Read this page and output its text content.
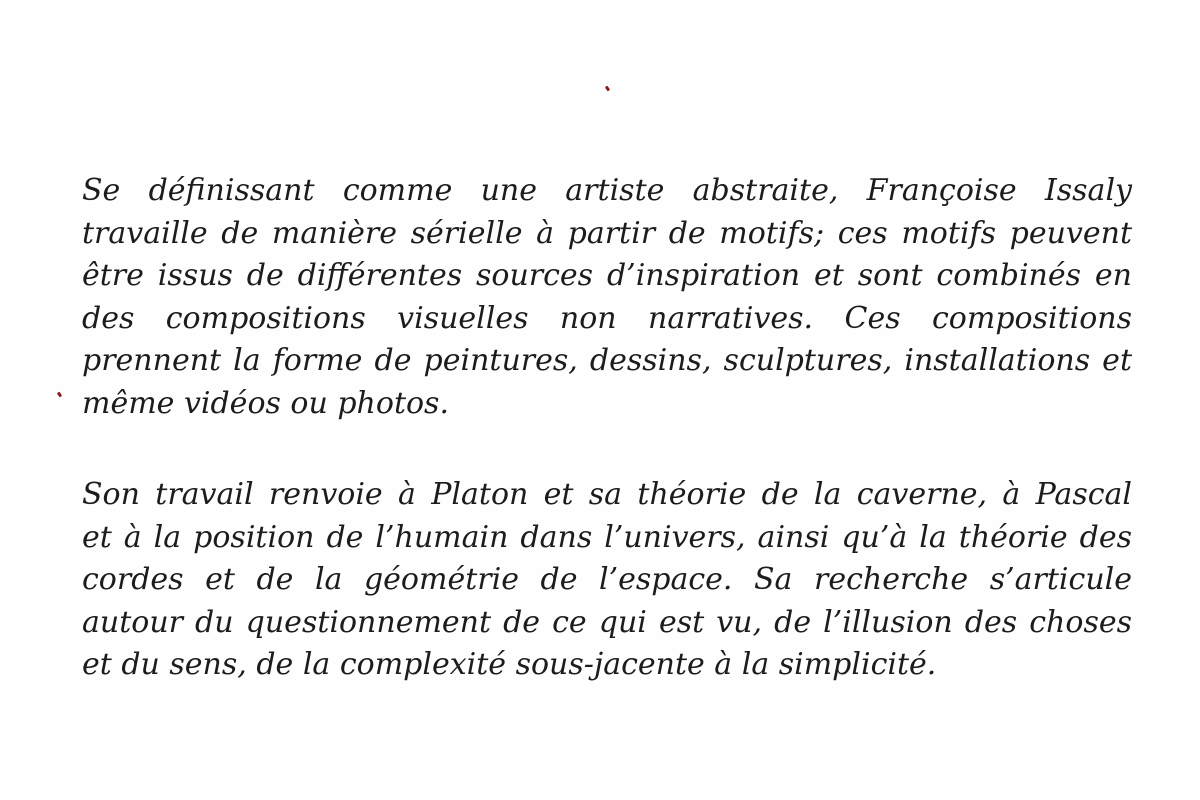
Se définissant comme une artiste abstraite, Françoise Issaly
travaille de manière sérielle à partir de motifs; ces motifs peuvent
être issus de différentes sources d’inspiration et sont combinés en
des compositions visuelles non narratives. Ces compositions
prennent la forme de peintures, dessins, sculptures, installations et
même vidéos ou photos.
Son travail renvoie à Platon et sa théorie de la caverne, à Pascal
et à la position de l’humain dans l’univers, ainsi qu’à la théorie des
cordes et de la géométrie de l’espace. Sa recherche s’articule
autour du questionnement de ce qui est vu, de l’illusion des choses
et du sens, de la complexité sous-jacente à la simplicité.
